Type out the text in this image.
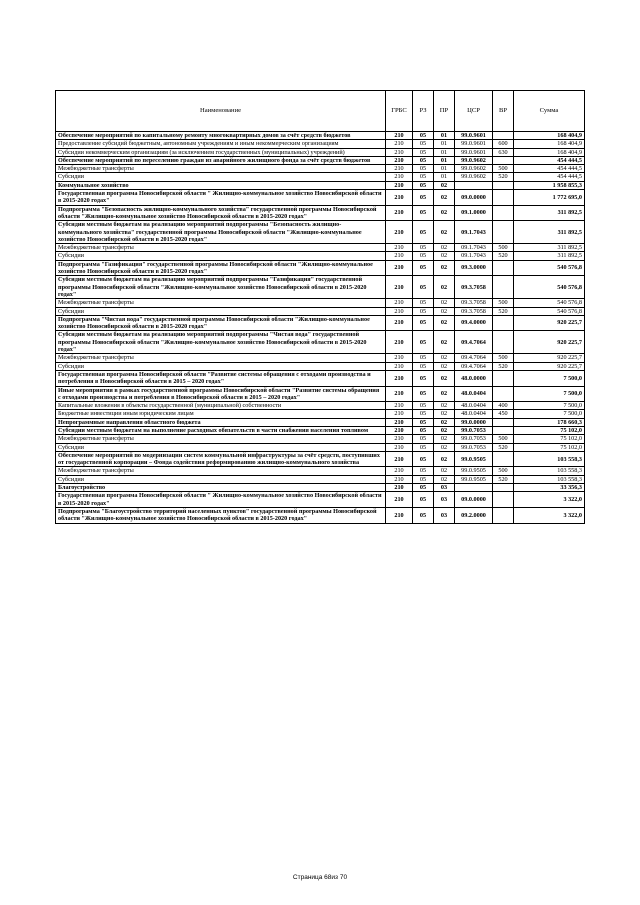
Наименование	ГРБС	РЗ	ПР	ЦСР	ВР	Сумма
Обеспечение мероприятий по капитальному ремонту многоквартирных домов за счёт средств бюджетов	210	05	01	99.0.9601		168 404,9
Предоставление субсидий бюджетным, автономным учреждениям и иным некоммерческим организациям	210	05	01	99.0.9601	600	168 404,9
Субсидии некоммерческим организациям (за исключением государственных (муниципальных) учреждений)	210	05	01	99.0.9601	630	168 404,9
Обеспечение мероприятий по переселению граждан из аварийного жилищного фонда за счёт средств бюджетов	210	05	01	99.0.9602		454 444,5
Межбюджетные трансферты	210	05	01	99.0.9602	500	454 444,5
Субсидии	210	05	01	99.0.9602	520	454 444,5
Коммунальное хозяйство	210	05	02			1 958 855,3
Государственная программа Новосибирской области " Жилищно-коммунальное хозяйство Новосибирской области в 2015-2020 годах"	210	05	02	09.0.0000		1 772 695,0
Подпрограмма "Безопасность жилищно-коммунального хозяйства" государственной программы Новосибирской области "Жилищно-коммунальное хозяйство Новосибирской области в 2015-2020 годах"	210	05	02	09.1.0000		311 892,5
Субсидии местным бюджетам на реализацию мероприятий подпрограммы "Безопасность жилищно-коммунального хозяйства" государственной программы Новосибирской области "Жилищно-коммунальное хозяйство Новосибирской области в 2015-2020 годах"	210	05	02	09.1.7043		311 892,5
Межбюджетные трансферты	210	05	02	09.1.7043	500	311 892,5
Субсидии	210	05	02	09.1.7043	520	311 892,5
Подпрограмма "Газификация" государственной программы Новосибирской области "Жилищно-коммунальное хозяйство Новосибирской области в 2015-2020 годах"	210	05	02	09.3.0000		540 576,8
Субсидии местным бюджетам на реализацию мероприятий подпрограммы "Газификация" государственной программы Новосибирской области "Жилищно-коммунальное хозяйство Новосибирской области в 2015-2020 годах"	210	05	02	09.3.7058		540 576,8
Межбюджетные трансферты	210	05	02	09.3.7058	500	540 576,8
Субсидии	210	05	02	09.3.7058	520	540 576,8
Подпрограмма "Чистая вода" государственной программы Новосибирской области "Жилищно-коммунальное хозяйство Новосибирской области в 2015-2020 годах"	210	05	02	09.4.0000		920 225,7
Субсидии местным бюджетам на реализацию мероприятий подпрограммы "Чистая вода" государственной программы Новосибирской области "Жилищно-коммунальное хозяйство Новосибирской области в 2015-2020 годах"	210	05	02	09.4.7064		920 225,7
Межбюджетные трансферты	210	05	02	09.4.7064	500	920 225,7
Субсидии	210	05	02	09.4.7064	520	920 225,7
Государственная программа Новосибирской области "Развитие системы обращения с отходами производства и потребления в Новосибирской области в 2015 – 2020 годах"	210	05	02	48.0.0000		7 500,0
Иные мероприятия в рамках государственной программы Новосибирской области "Развитие системы обращения с отходами производства и потребления в Новосибирской области в 2015 – 2020 годах"	210	05	02	48.0.0404		7 500,0
Капитальные вложения в объекты государственной (муниципальной) собственности	210	05	02	48.0.0404	400	7 500,0
Бюджетные инвестиции иным юридическим лицам	210	05	02	48.0.0404	450	7 500,0
Непрограммные направления областного бюджета	210	05	02	99.0.0000		178 660,3
Субсидии местным бюджетам на выполнение расходных обязательств в части снабжения населения топливом	210	05	02	99.0.7053		75 102,0
Межбюджетные трансферты	210	05	02	99.0.7053	500	75 102,0
Субсидии	210	05	02	99.0.7053	520	75 102,0
Обеспечение мероприятий по модернизации систем коммунальной инфраструктуры за счёт средств, поступивших от государственной корпорации – Фонда содействия реформированию жилищно-коммунального хозяйства	210	05	02	99.0.9505		103 558,3
Межбюджетные трансферты	210	05	02	99.0.9505	500	103 558,3
Субсидии	210	05	02	99.0.9505	520	103 558,3
Благоустройство	210	05	03			33 356,3
Государственная программа Новосибирской области " Жилищно-коммунальное хозяйство Новосибирской области в 2015-2020 годах"	210	05	03	09.0.0000		3 322,0
Подпрограмма "Благоустройство территорий населенных пунктов" государственной программы Новосибирской области "Жилищно-коммунальное хозяйство Новосибирской области в 2015-2020 годах"	210	05	03	09.2.0000		3 322,0
Страница 68из 70
